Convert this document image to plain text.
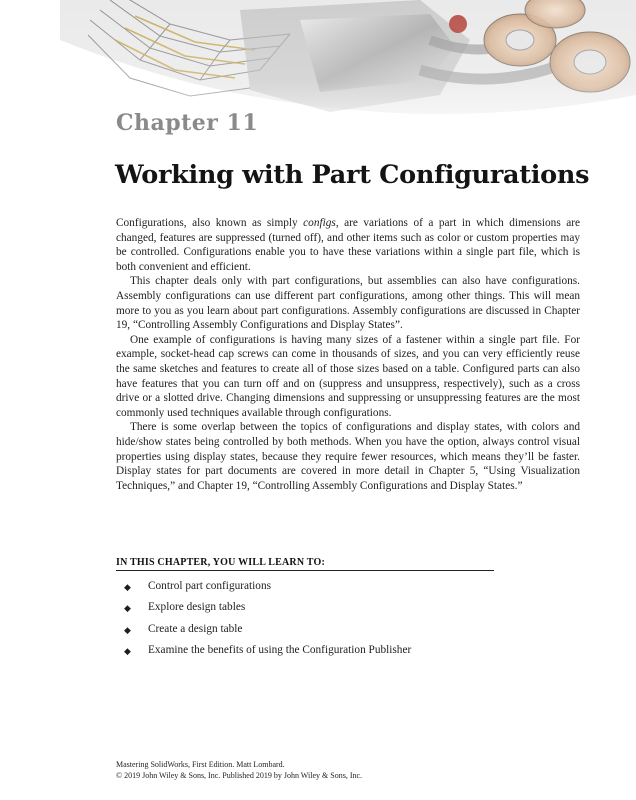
Chapter 11
Working with Part Configurations

Configurations, also known as simply configs, are variations of a part in which dimensions are changed, features are suppressed (turned off), and other items such as color or custom properties may be controlled. Configurations enable you to have these variations within a single part file, which is both convenient and efficient.

This chapter deals only with part configurations, but assemblies can also have configurations. Assembly configurations can use different part configurations, among other things. This will mean more to you as you learn about part configurations. Assembly configurations are discussed in Chapter 19, “Controlling Assembly Configurations and Display States”.

One example of configurations is having many sizes of a fastener within a single part file. For example, socket-head cap screws can come in thousands of sizes, and you can very efficiently reuse the same sketches and features to create all of those sizes based on a table. Configured parts can also have features that you can turn off and on (suppress and unsuppress, respectively), such as a cross drive or a slotted drive. Changing dimensions and suppressing or unsuppressing features are the most commonly used techniques available through configurations.

There is some overlap between the topics of configurations and display states, with colors and hide/show states being controlled by both methods. When you have the option, always control visual properties using display states, because they require fewer resources, which means they’ll be faster. Display states for part documents are covered in more detail in Chapter 5, “Using Visualization Techniques,” and Chapter 19, “Controlling Assembly Configurations and Display States.”

IN THIS CHAPTER, YOU WILL LEARN TO:
◆	Control part configurations
◆	Explore design tables
◆	Create a design table
◆	Examine the benefits of using the Configuration Publisher
Mastering SolidWorks, First Edition. Matt Lombard.
© 2019 John Wiley & Sons, Inc. Published 2019 by John Wiley & Sons, Inc.
